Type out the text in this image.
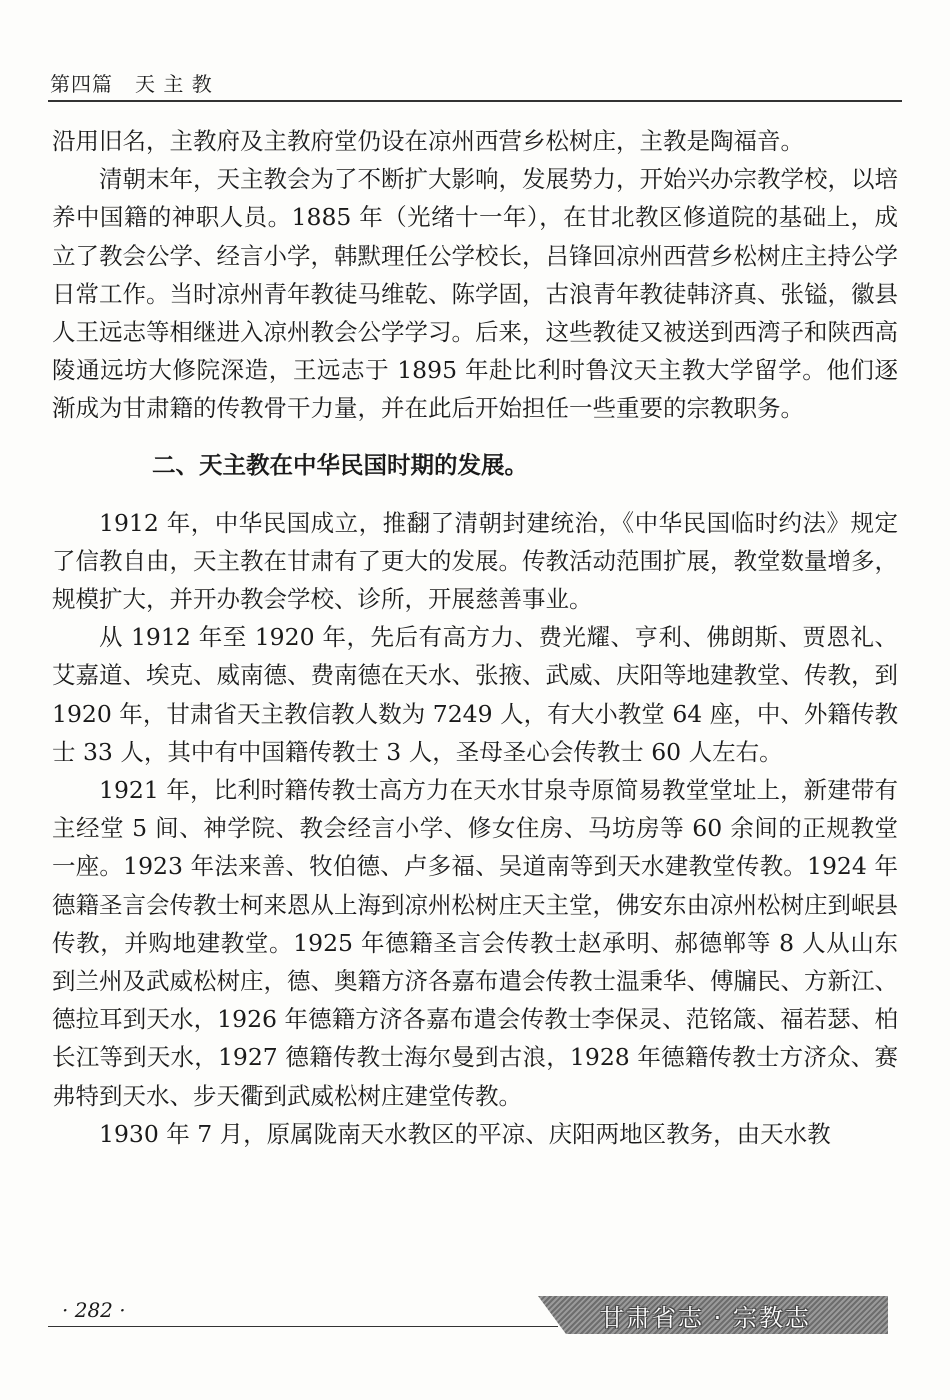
第四篇 天 主 教

沿用旧名，主教府及主教府堂仍设在凉州西营乡松树庄，主教是陶福音。

清朝末年，天主教会为了不断扩大影响，发展势力，开始兴办宗教学校，以培养中国籍的神职人员。1885 年（光绪十一年），在甘北教区修道院的基础上，成立了教会公学、经言小学，韩默理任公学校长，吕锋回凉州西营乡松树庄主持公学日常工作。当时凉州青年教徒马维乾、陈学固，古浪青年教徒韩济真、张镒，徽县人王远志等相继进入凉州教会公学学习。后来，这些教徒又被送到西湾子和陕西高陵通远坊大修院深造，王远志于 1895 年赴比利时鲁汶天主教大学留学。他们逐渐成为甘肃籍的传教骨干力量，并在此后开始担任一些重要的宗教职务。

二、天主教在中华民国时期的发展。

1912 年，中华民国成立，推翻了清朝封建统治，《中华民国临时约法》规定了信教自由，天主教在甘肃有了更大的发展。传教活动范围扩展，教堂数量增多，规模扩大，并开办教会学校、诊所，开展慈善事业。

从 1912 年至 1920 年，先后有高方力、费光耀、亨利、佛朗斯、贾恩礼、艾嘉道、埃克、威南德、费南德在天水、张掖、武威、庆阳等地建教堂、传教，到 1920 年，甘肃省天主教信教人数为 7249 人，有大小教堂 64 座，中、外籍传教士 33 人，其中有中国籍传教士 3 人，圣母圣心会传教士 60 人左右。

1921 年，比利时籍传教士高方力在天水甘泉寺原简易教堂堂址上，新建带有主经堂 5 间、神学院、教会经言小学、修女住房、马坊房等 60 余间的正规教堂一座。1923 年法来善、牧伯德、卢多福、吴道南等到天水建教堂传教。1924 年德籍圣言会传教士柯来恩从上海到凉州松树庄天主堂，佛安东由凉州松树庄到岷县传教，并购地建教堂。1925 年德籍圣言会传教士赵承明、郝德郸等 8 人从山东到兰州及武威松树庄，德、奥籍方济各嘉布遣会传教士温秉华、傅牖民、方新江、德拉耳到天水，1926 年德籍方济各嘉布遣会传教士李保灵、范铭箴、福若瑟、柏长江等到天水，1927 德籍传教士海尔曼到古浪，1928 年德籍传教士方济众、赛弗特到天水、步天衢到武威松树庄建堂传教。

1930 年 7 月，原属陇南天水教区的平凉、庆阳两地区教务，由天水教

· 282 ·	甘肃省志 · 宗教志
